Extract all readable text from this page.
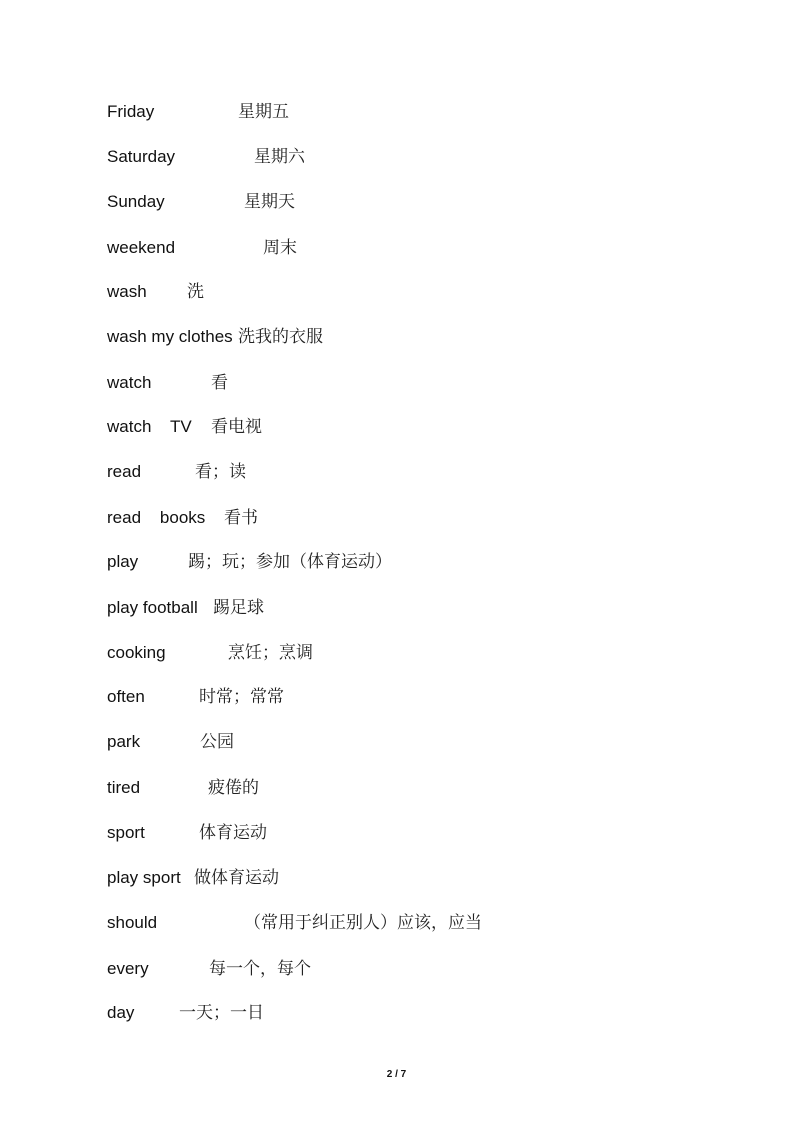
Friday	星期五
Saturday	星期六
Sunday	星期天
weekend	周末
wash 洗
wash my clothes 洗我的衣服
watch	看
watch    TV 看电视
read	看；读
read    books 看书
play	踢；玩；参加（体育运动）
play football 踢足球
cooking	烹饪；烹调
often	时常；常常
park	公园
tired	疲倦的
sport	体育运动
play sport 做体育运动
should	（常用于纠正别人）应该，应当
every	每一个，每个
day	一天；一日
2 / 7
